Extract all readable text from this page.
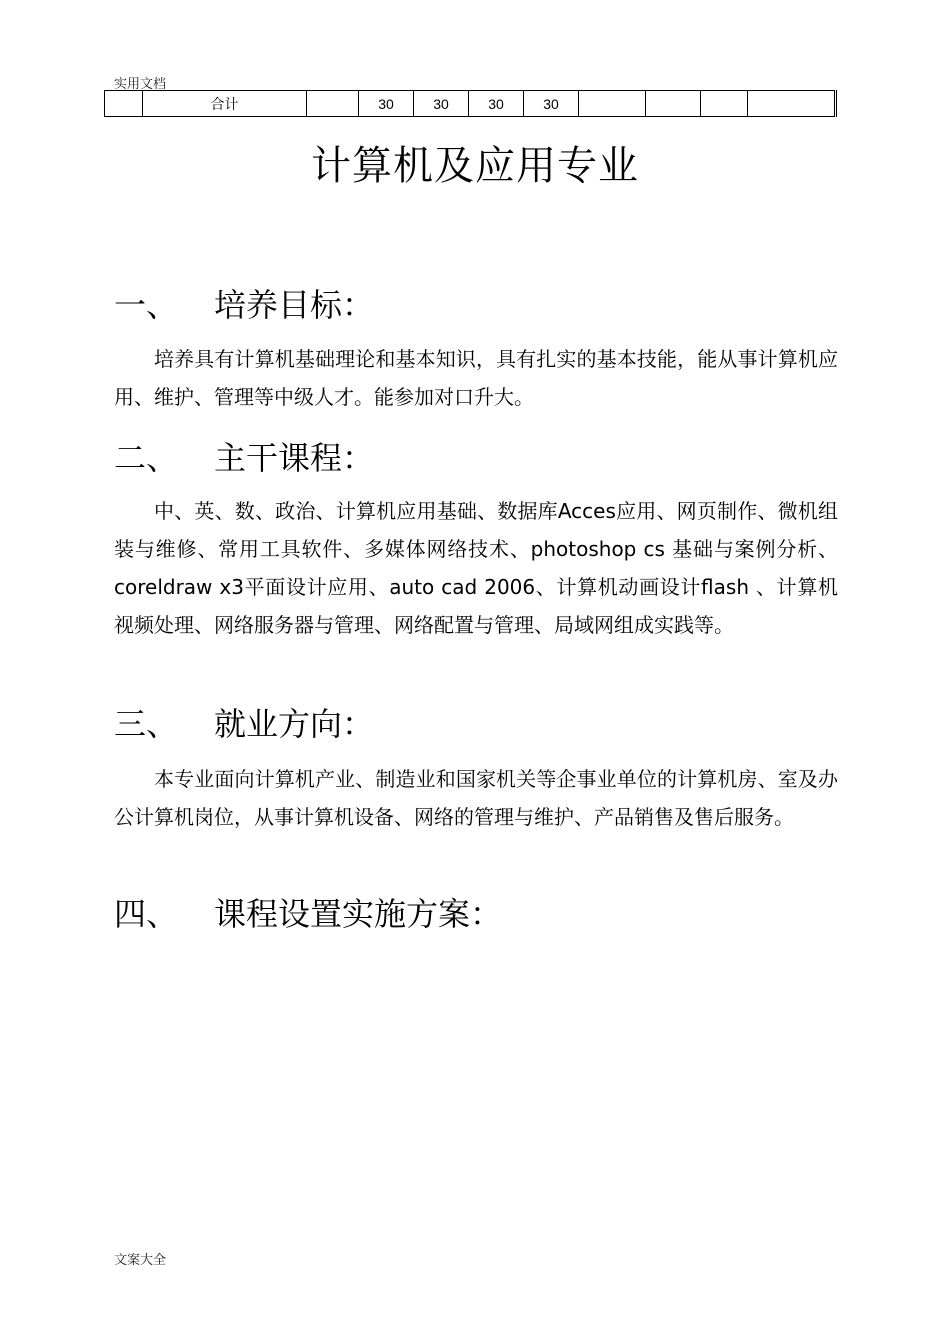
实用文档
	合计		30	30	30	30				
计算机及应用专业
一、 培养目标：

培养具有计算机基础理论和基本知识，具有扎实的基本技能，能从事计算机应用、维护、管理等中级人才。能参加对口升大。

二、 主干课程：

中、英、数、政治、计算机应用基础、数据库Acces应用、网页制作、微机组装与维修、常用工具软件、多媒体网络技术、photoshop cs 基础与案例分析、coreldraw x3平面设计应用、auto cad 2006、计算机动画设计flash 、计算机视频处理、网络服务器与管理、网络配置与管理、局域网组成实践等。

三、 就业方向：

本专业面向计算机产业、制造业和国家机关等企事业单位的计算机房、室及办公计算机岗位，从事计算机设备、网络的管理与维护、产品销售及售后服务。

四、 课程设置实施方案：
文案大全
